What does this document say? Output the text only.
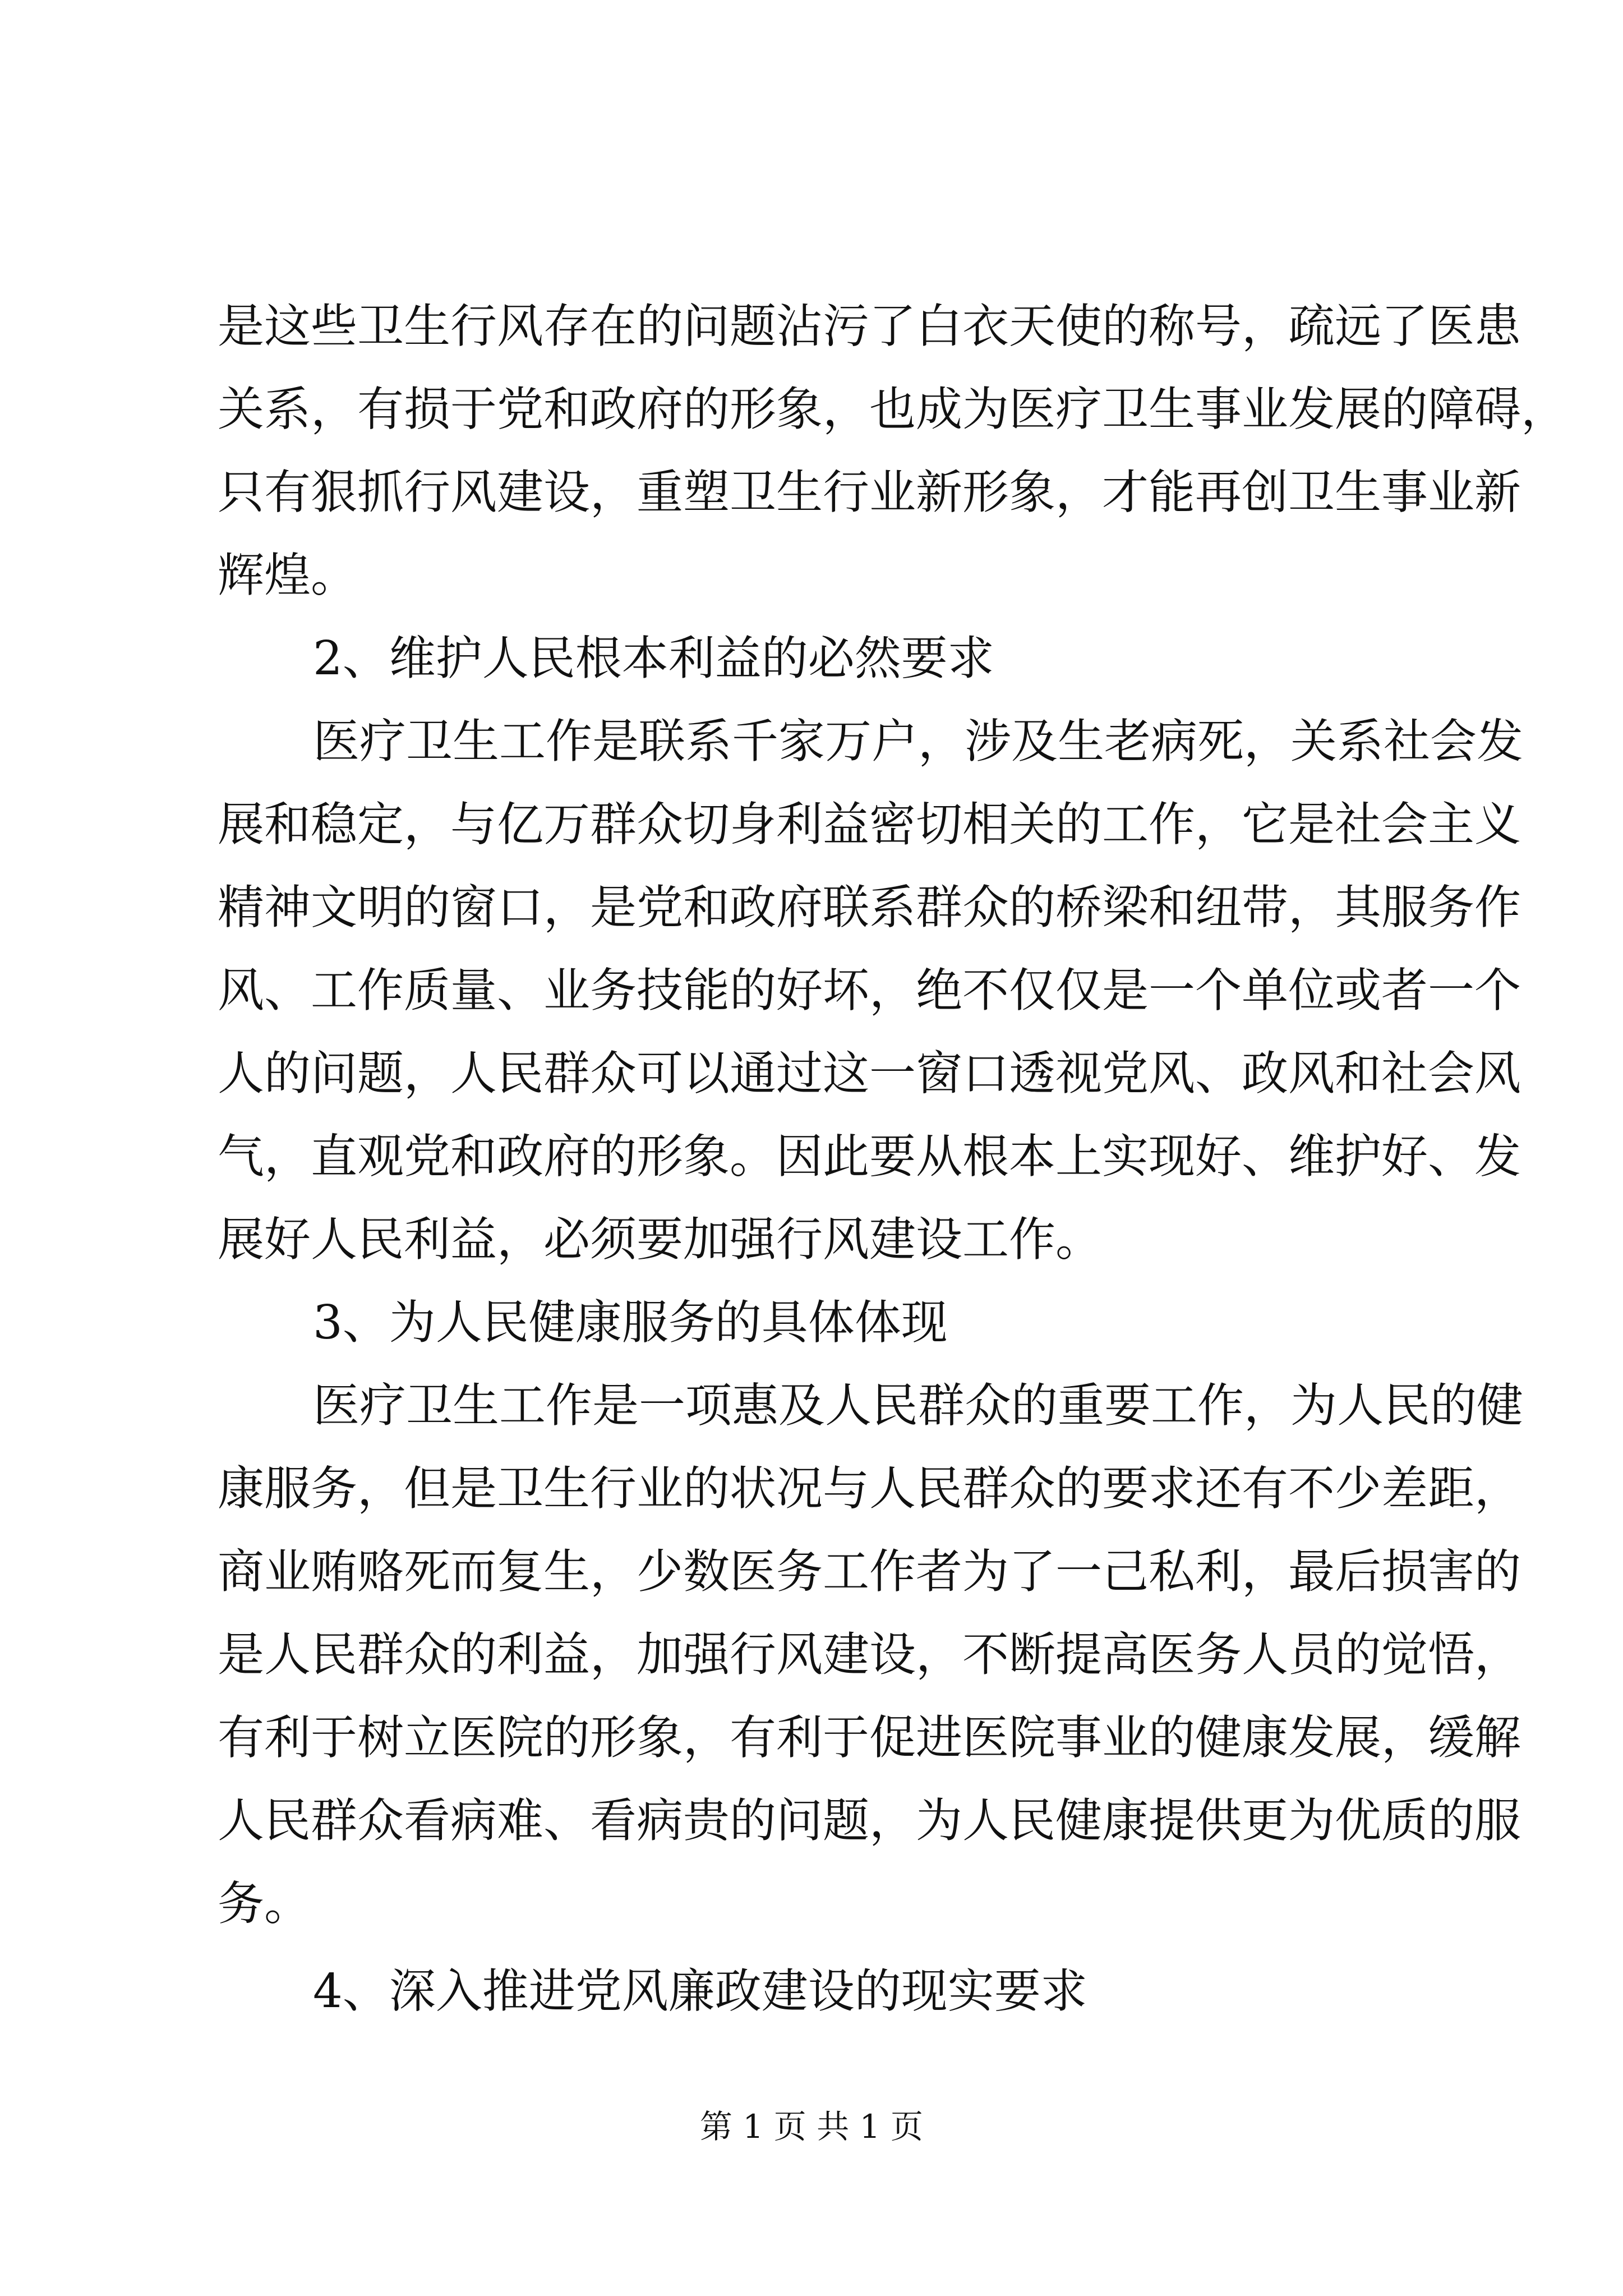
是这些卫生行风存在的问题沾污了白衣天使的称号，疏远了医患
关系，有损于党和政府的形象，也成为医疗卫生事业发展的障碍，
只有狠抓行风建设，重塑卫生行业新形象，才能再创卫生事业新
辉煌。
2、维护人民根本利益的必然要求
医疗卫生工作是联系千家万户，涉及生老病死，关系社会发
展和稳定，与亿万群众切身利益密切相关的工作，它是社会主义
精神文明的窗口，是党和政府联系群众的桥梁和纽带，其服务作
风、工作质量、业务技能的好坏，绝不仅仅是一个单位或者一个
人的问题，人民群众可以通过这一窗口透视党风、政风和社会风
气，直观党和政府的形象。因此要从根本上实现好、维护好、发
展好人民利益，必须要加强行风建设工作。
3、为人民健康服务的具体体现
医疗卫生工作是一项惠及人民群众的重要工作，为人民的健
康服务，但是卫生行业的状况与人民群众的要求还有不少差距，
商业贿赂死而复生，少数医务工作者为了一己私利，最后损害的
是人民群众的利益，加强行风建设，不断提高医务人员的觉悟，
有利于树立医院的形象，有利于促进医院事业的健康发展，缓解
人民群众看病难、看病贵的问题，为人民健康提供更为优质的服
务。
4、深入推进党风廉政建设的现实要求
第 1 页 共 1 页
